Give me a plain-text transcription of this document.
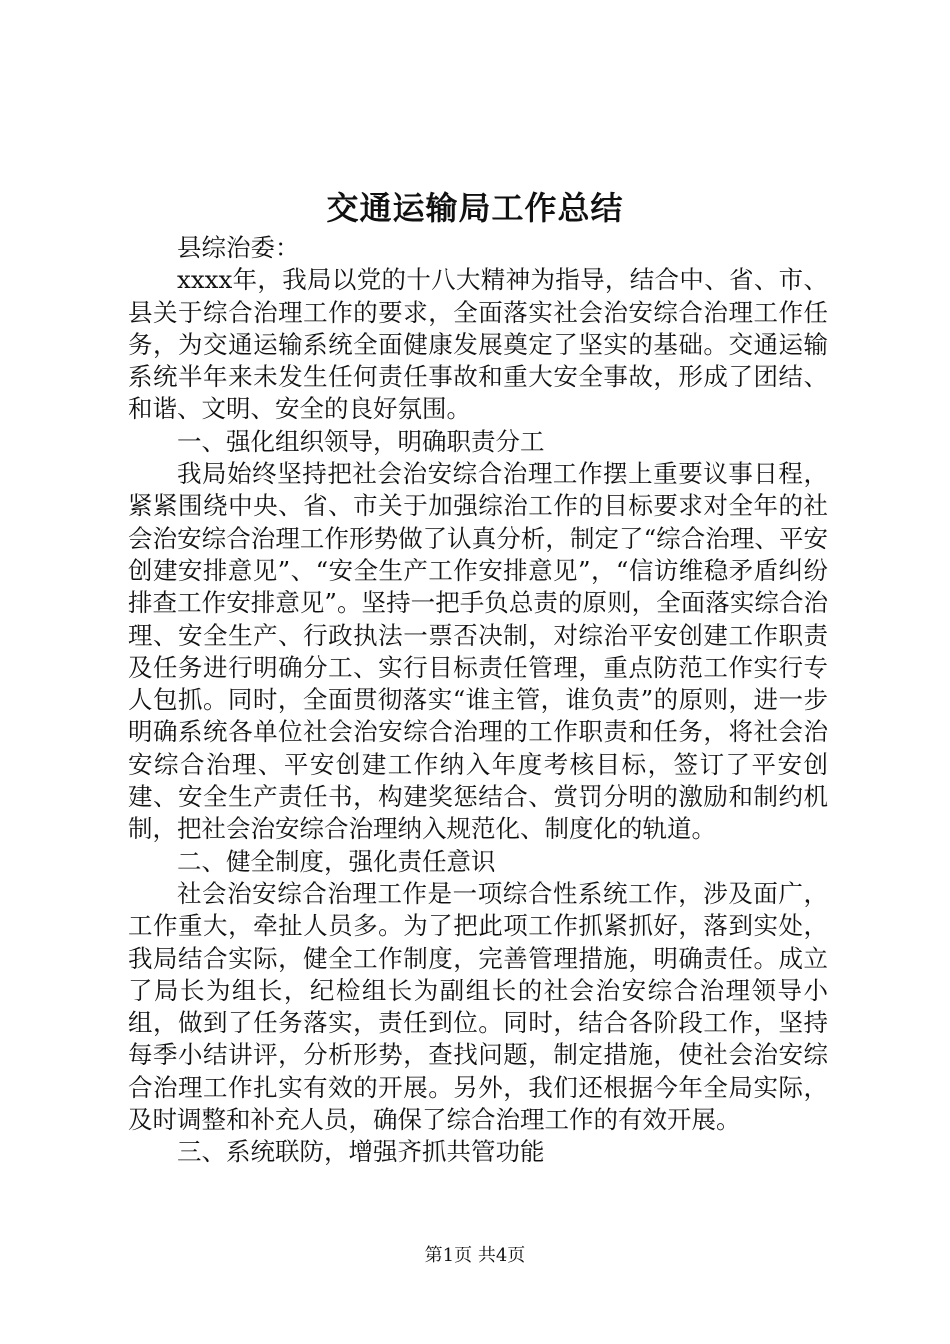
交通运输局工作总结

县综治委：

xxxx年，我局以党的十八大精神为指导，结合中、省、市、县关于综合治理工作的要求，全面落实社会治安综合治理工作任务，为交通运输系统全面健康发展奠定了坚实的基础。交通运输系统半年来未发生任何责任事故和重大安全事故，形成了团结、和谐、文明、安全的良好氛围。

一、强化组织领导，明确职责分工

我局始终坚持把社会治安综合治理工作摆上重要议事日程，紧紧围绕中央、省、市关于加强综治工作的目标要求对全年的社会治安综合治理工作形势做了认真分析，制定了“综合治理、平安创建安排意见”、“安全生产工作安排意见”，“信访维稳矛盾纠纷排查工作安排意见”。坚持一把手负总责的原则，全面落实综合治理、安全生产、行政执法一票否决制，对综治平安创建工作职责及任务进行明确分工、实行目标责任管理，重点防范工作实行专人包抓。同时，全面贯彻落实“谁主管，谁负责”的原则，进一步明确系统各单位社会治安综合治理的工作职责和任务，将社会治安综合治理、平安创建工作纳入年度考核目标，签订了平安创建、安全生产责任书，构建奖惩结合、赏罚分明的激励和制约机制，把社会治安综合治理纳入规范化、制度化的轨道。

二、健全制度，强化责任意识

社会治安综合治理工作是一项综合性系统工作，涉及面广，工作重大，牵扯人员多。为了把此项工作抓紧抓好，落到实处，我局结合实际，健全工作制度，完善管理措施，明确责任。成立了局长为组长，纪检组长为副组长的社会治安综合治理领导小组，做到了任务落实，责任到位。同时，结合各阶段工作，坚持每季小结讲评，分析形势，查找问题，制定措施，使社会治安综合治理工作扎实有效的开展。另外，我们还根据今年全局实际，及时调整和补充人员，确保了综合治理工作的有效开展。

三、系统联防，增强齐抓共管功能

第1页 共4页
